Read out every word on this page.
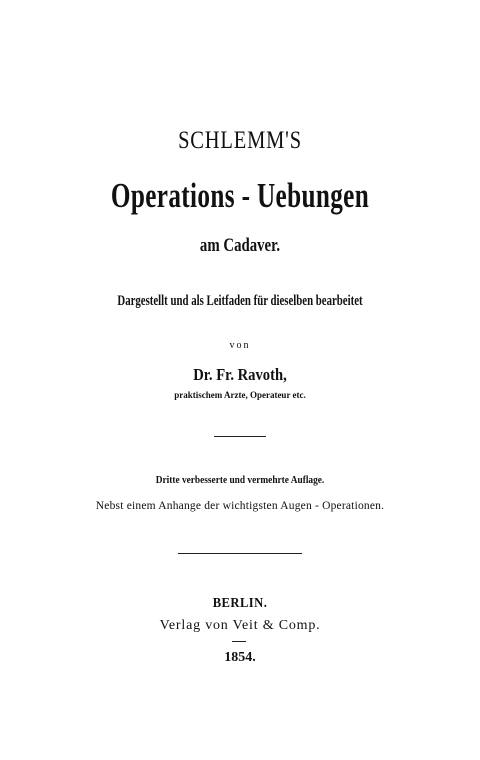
SCHLEMM'S
Operations - Uebungen
am Cadaver.
Dargestellt und als Leitfaden für dieselben bearbeitet
von
Dr. Fr. Ravoth,
praktischem Arzte, Operateur etc.
Dritte verbesserte und vermehrte Auflage.
Nebst einem Anhange der wichtigsten Augen - Operationen.
BERLIN.
Verlag von Veit & Comp.
1854.
